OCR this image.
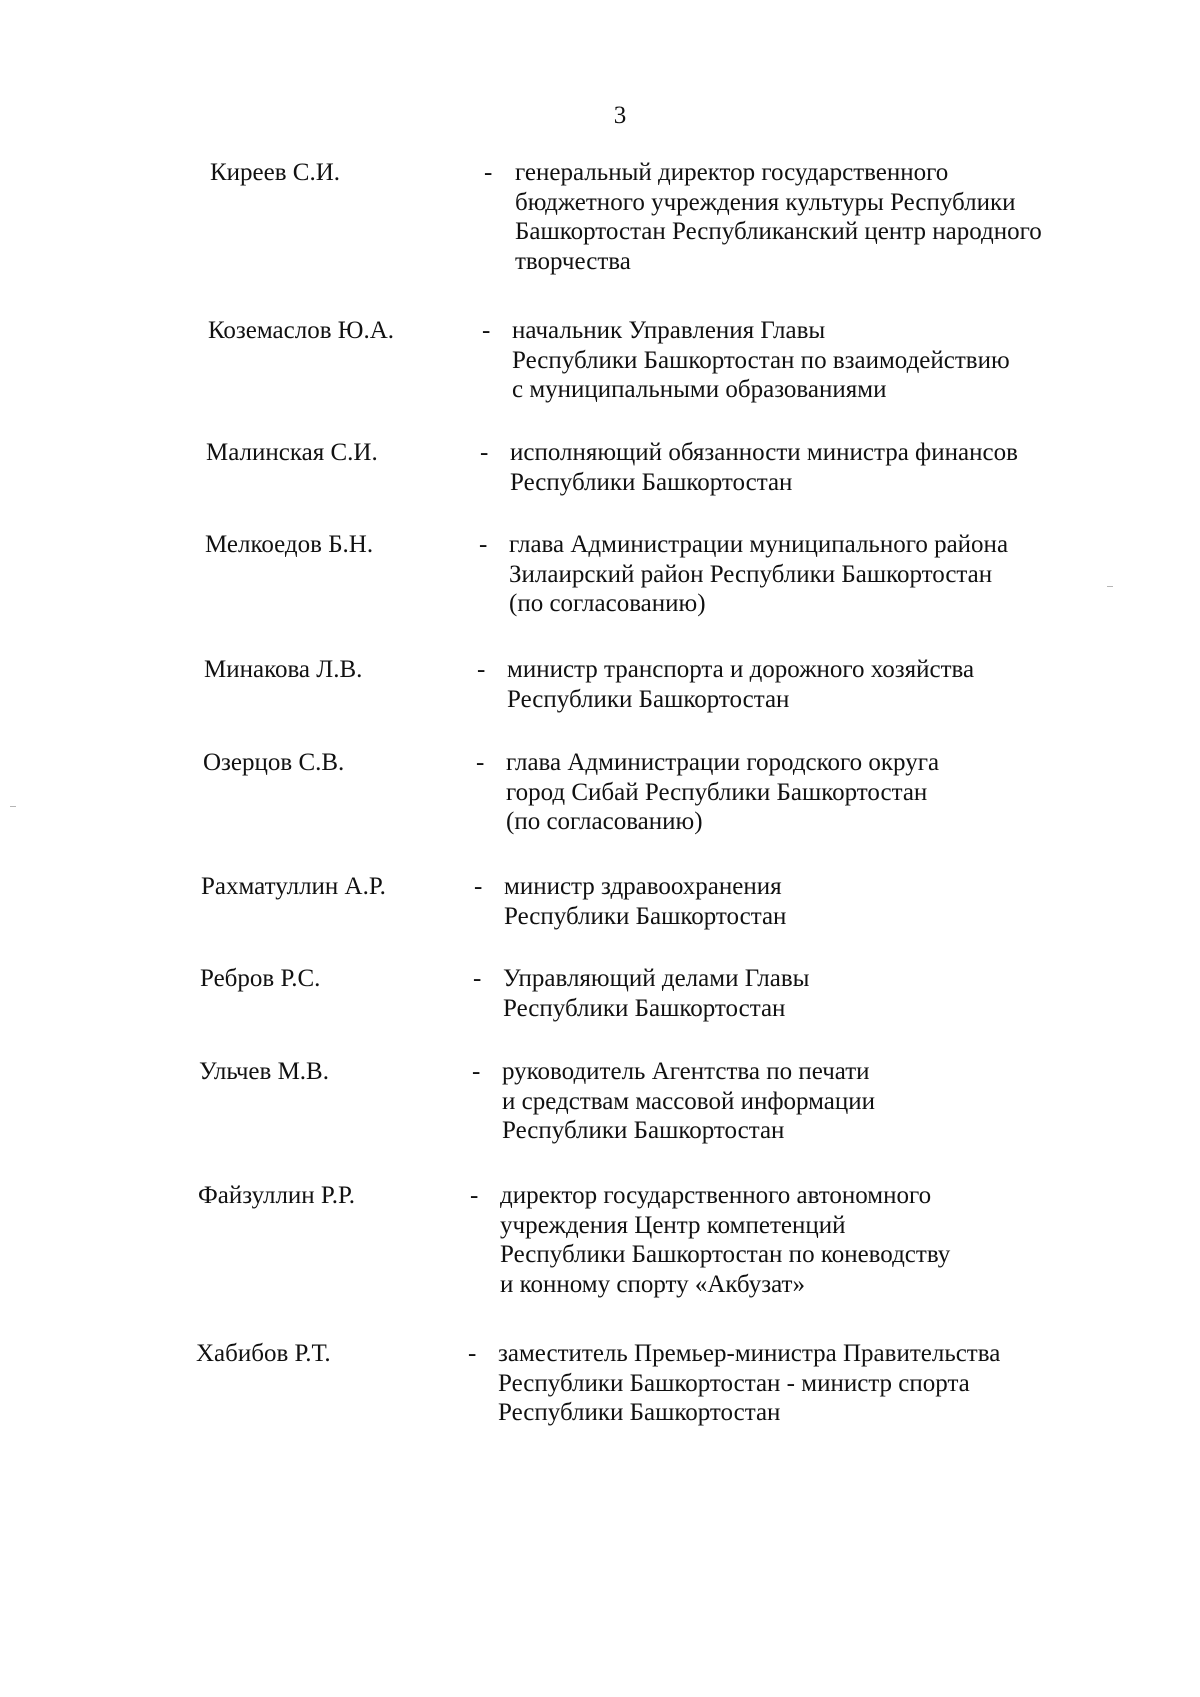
3
Киреев С.И.	- генеральный директор государственного
бюджетного учреждения культуры Республики
Башкортостан Республиканский центр народного
творчества
Коземаслов Ю.А.	- начальник Управления Главы
Республики Башкортостан по взаимодействию
с муниципальными образованиями
Малинская С.И.	- исполняющий обязанности министра финансов
Республики Башкортостан
Мелкоедов Б.Н.	- глава Администрации муниципального района
Зилаирский район Республики Башкортостан
(по согласованию)
Минакова Л.В.	- министр транспорта и дорожного хозяйства
Республики Башкортостан
Озерцов С.В.	- глава Администрации городского округа
город Сибай Республики Башкортостан
(по согласованию)
Рахматуллин А.Р.	- министр здравоохранения
Республики Башкортостан
Ребров Р.С.	- Управляющий делами Главы
Республики Башкортостан
Ульчев М.В.	- руководитель Агентства по печати
и средствам массовой информации
Республики Башкортостан
Файзуллин Р.Р.	- директор государственного автономного
учреждения Центр компетенций
Республики Башкортостан по коневодству
и конному спорту «Акбузат»
Хабибов Р.Т.	- заместитель Премьер-министра Правительства
Республики Башкортостан - министр спорта
Республики Башкортостан
